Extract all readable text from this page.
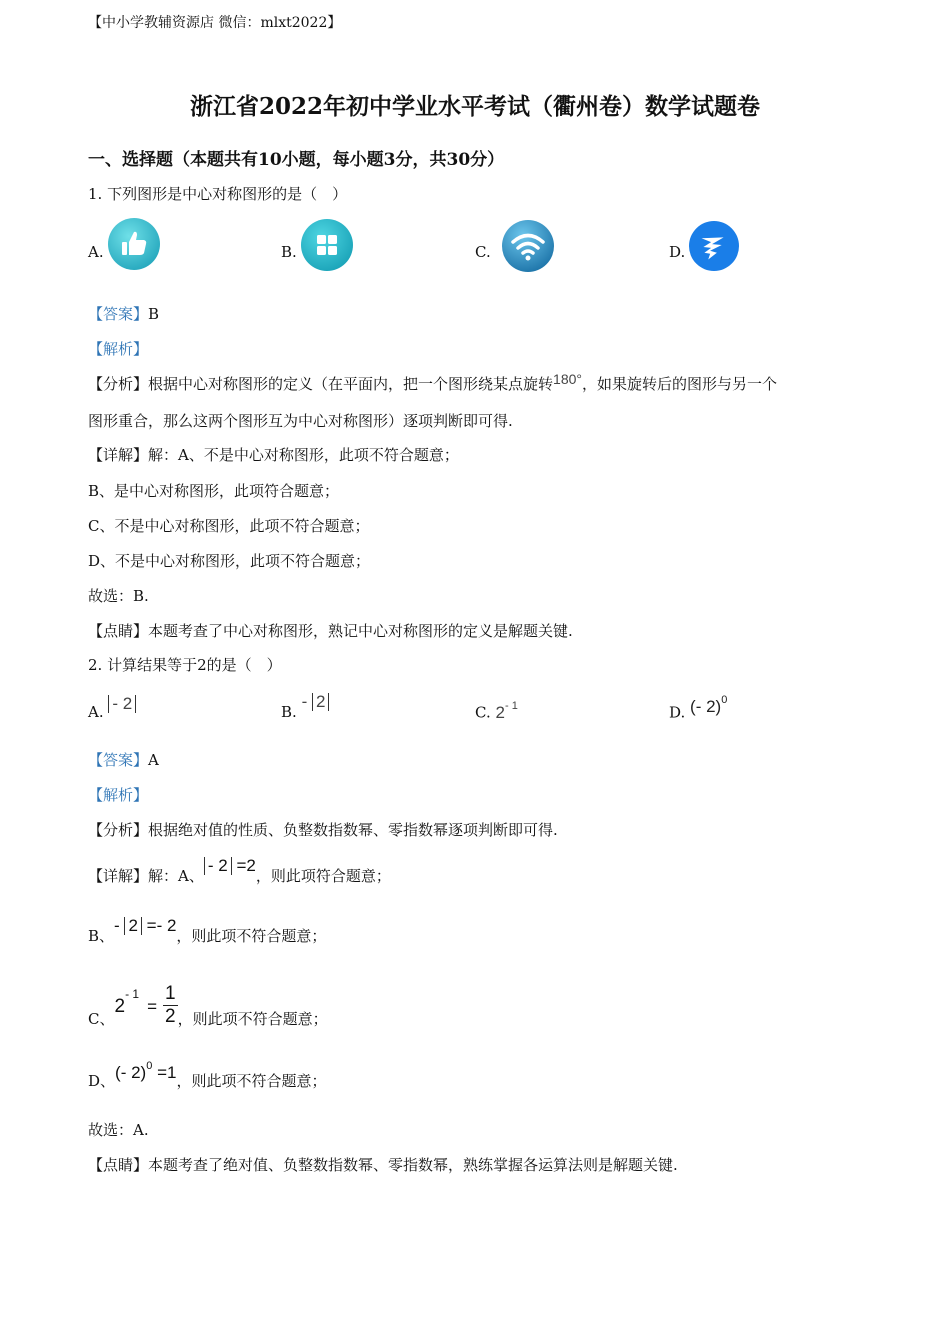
【中小学教辅资源店 微信：mlxt2022】
浙江省2022年初中学业水平考试（衢州卷）数学试题卷
一、选择题（本题共有10小题，每小题3分，共30分）
1. 下列图形是中心对称图形的是（　）
A.	B.	C.	D.
【答案】B
【解析】
【分析】根据中心对称图形的定义（在平面内，把一个图形绕某点旋转180°，如果旋转后的图形与另一个
图形重合，那么这两个图形互为中心对称图形）逐项判断即可得.
【详解】解：A、不是中心对称图形，此项不符合题意；
B、是中心对称图形，此项符合题意；
C、不是中心对称图形，此项不符合题意；
D、不是中心对称图形，此项不符合题意；
故选：B.
【点睛】本题考查了中心对称图形，熟记中心对称图形的定义是解题关键.
2. 计算结果等于2的是（　）
A. - 2	B. - 2
C. $2^{- 1}$	D. (- 2)$^0$
【答案】A
【解析】
【分析】根据绝对值的性质、负整数指数幂、零指数幂逐项判断即可得.
【详解】解：A、- 2 =2，则此项符合题意；
B、- 2 =- 2，则此项不符合题意；
C、$2^{- 1}= \frac{1}{2}$ ，则此项不符合题意；
D、(- 2)$^0$ =1，则此项不符合题意；
故选：A.
【点睛】本题考查了绝对值、负整数指数幂、零指数幂，熟练掌握各运算法则是解题关键.
